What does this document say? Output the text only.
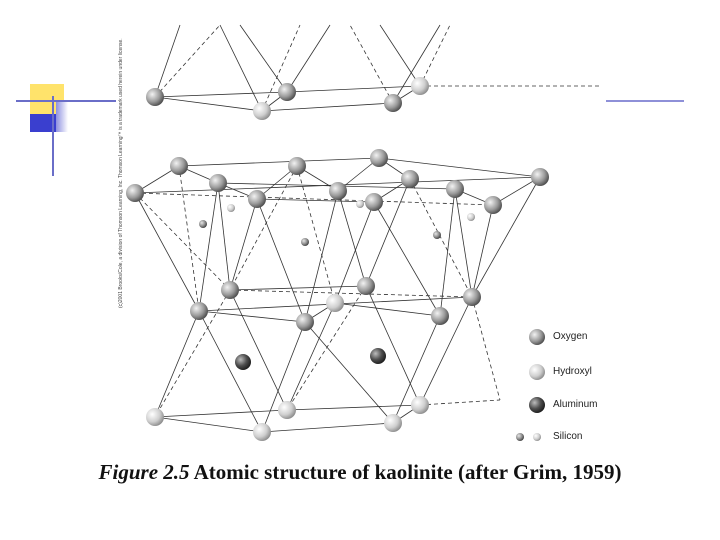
(c)2001 Brooks/Cole, a division of Thomson Learning, Inc. Thomson Learning™ is a trademark used herein under license.
Oxygen
Hydroxyl
Aluminum
Silicon
Figure 2.5 Atomic structure of kaolinite (after Grim, 1959)
